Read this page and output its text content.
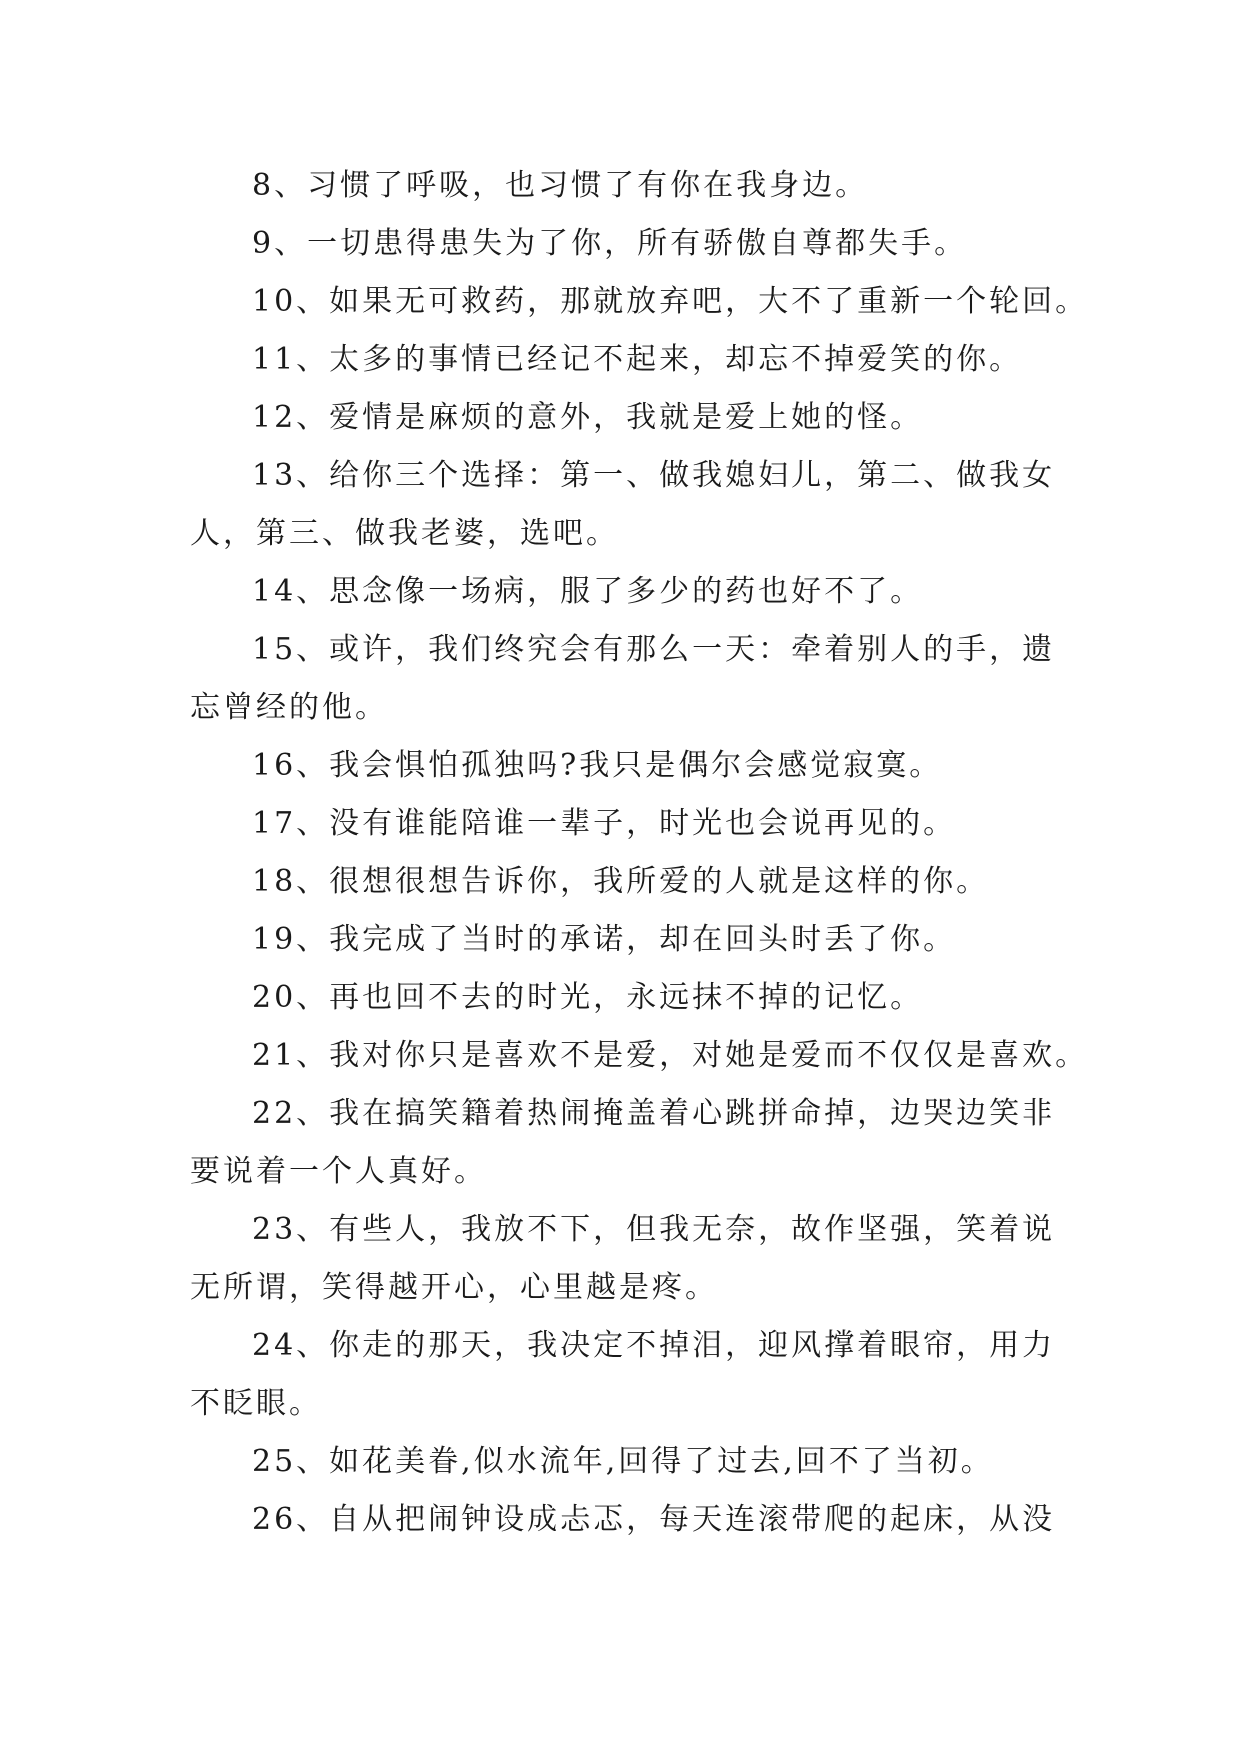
8、习惯了呼吸，也习惯了有你在我身边。
9、一切患得患失为了你，所有骄傲自尊都失手。
10、如果无可救药，那就放弃吧，大不了重新一个轮回。
11、太多的事情已经记不起来，却忘不掉爱笑的你。
12、爱情是麻烦的意外，我就是爱上她的怪。
13、给你三个选择：第一、做我媳妇儿，第二、做我女
人，第三、做我老婆，选吧。
14、思念像一场病，服了多少的药也好不了。
15、或许，我们终究会有那么一天：牵着别人的手，遗
忘曾经的他。
16、我会惧怕孤独吗?我只是偶尔会感觉寂寞。
17、没有谁能陪谁一辈子，时光也会说再见的。
18、很想很想告诉你，我所爱的人就是这样的你。
19、我完成了当时的承诺，却在回头时丢了你。
20、再也回不去的时光，永远抹不掉的记忆。
21、我对你只是喜欢不是爱，对她是爱而不仅仅是喜欢。
22、我在搞笑籍着热闹掩盖着心跳拼命掉，边哭边笑非
要说着一个人真好。
23、有些人，我放不下，但我无奈，故作坚强，笑着说
无所谓，笑得越开心，心里越是疼。
24、你走的那天，我决定不掉泪，迎风撑着眼帘，用力
不眨眼。
25、如花美眷,似水流年,回得了过去,回不了当初。
26、自从把闹钟设成忐忑，每天连滚带爬的起床，从没
